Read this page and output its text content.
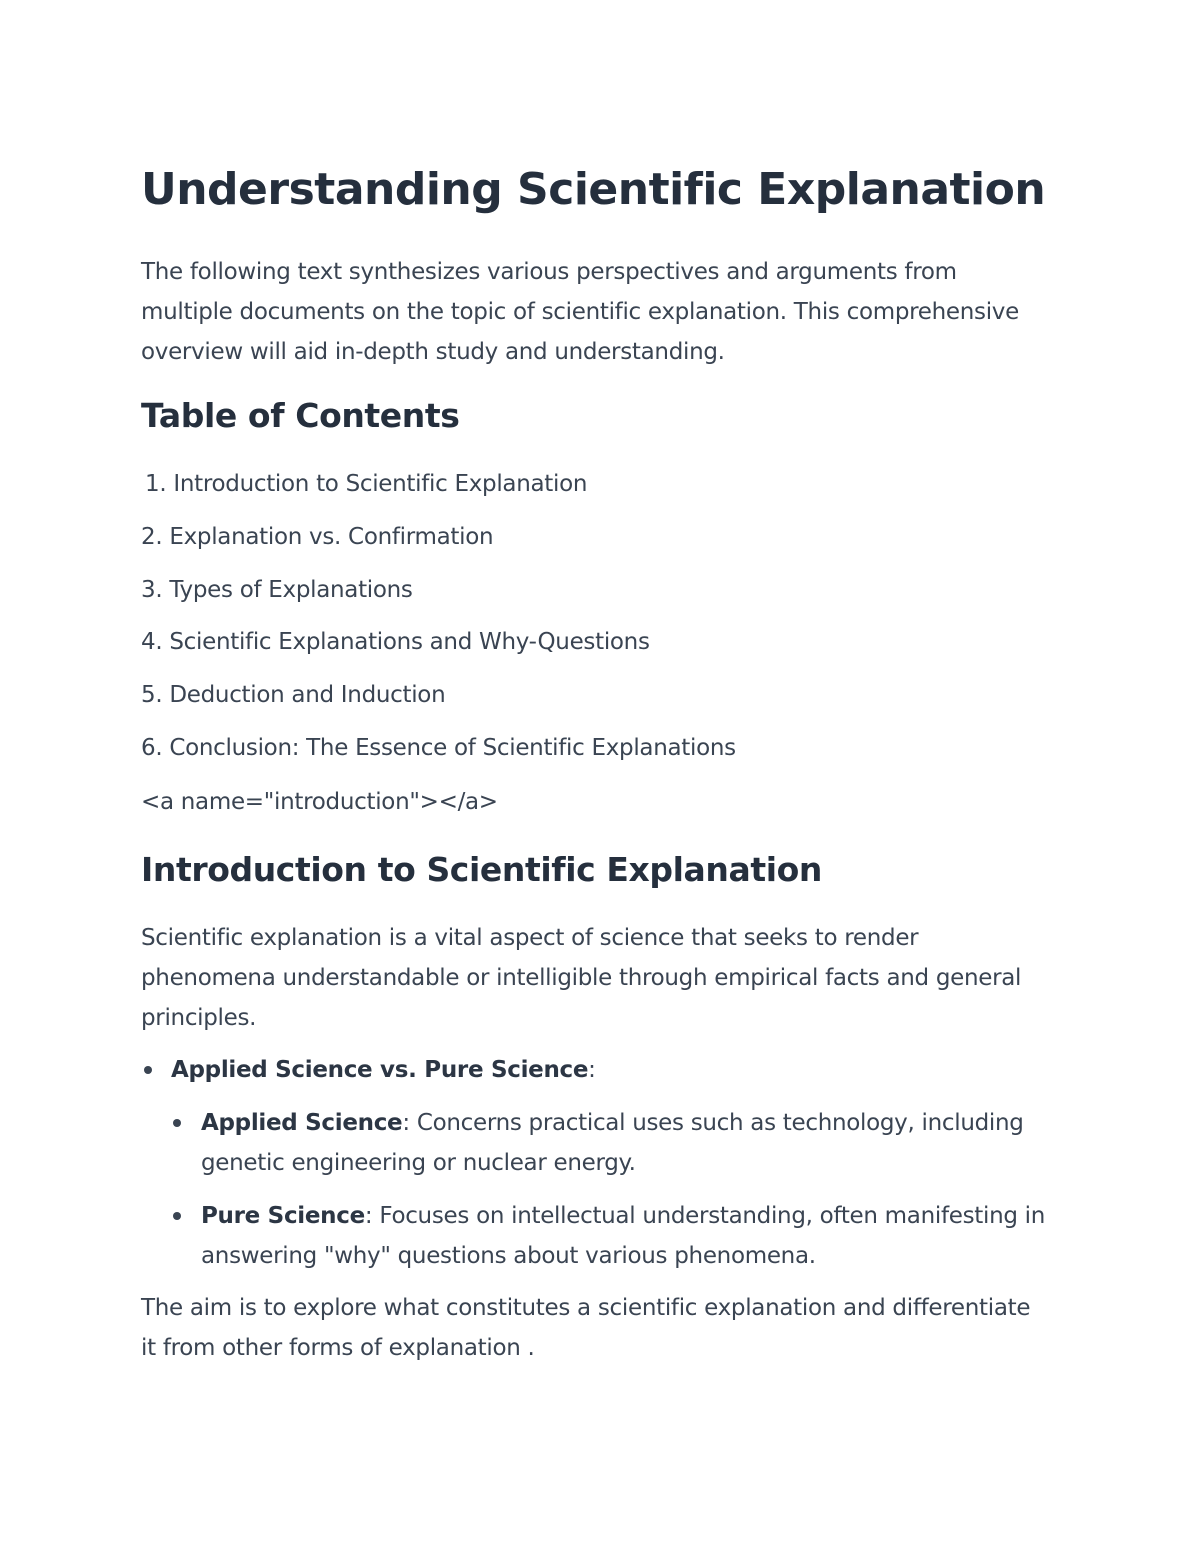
Understanding Scientific Explanation

The following text synthesizes various perspectives and arguments from multiple documents on the topic of scientific explanation. This comprehensive overview will aid in-depth study and understanding.

Table of Contents
1. Introduction to Scientific Explanation
2. Explanation vs. Confirmation
3. Types of Explanations
4. Scientific Explanations and Why-Questions
5. Deduction and Induction
6. Conclusion: The Essence of Scientific Explanations
<a name="introduction"></a>
Introduction to Scientific Explanation

Scientific explanation is a vital aspect of science that seeks to render phenomena understandable or intelligible through empirical facts and general principles.

Applied Science vs. Pure Science:
Applied Science: Concerns practical uses such as technology, including genetic engineering or nuclear energy.
Pure Science: Focuses on intellectual understanding, often manifesting in answering "why" questions about various phenomena.

The aim is to explore what constitutes a scientific explanation and differentiate it from other forms of explanation .
